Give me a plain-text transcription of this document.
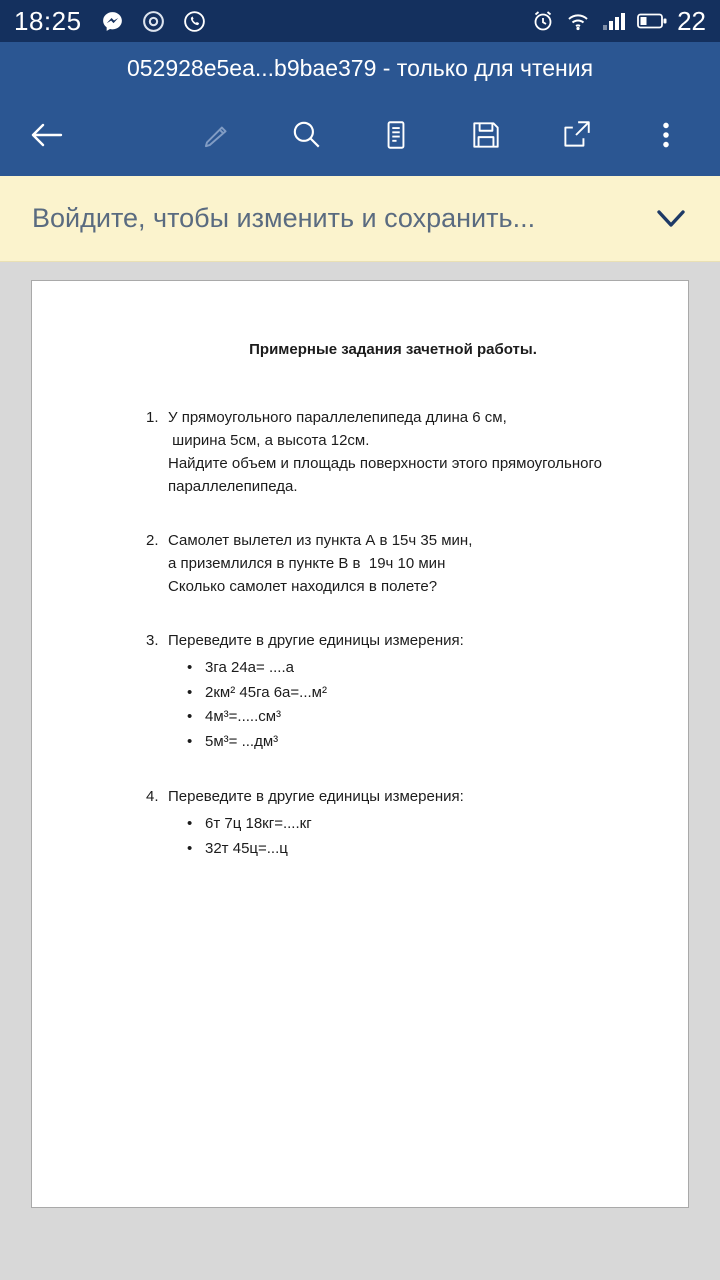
18:25	22
052928e5ea...b9bae379 - только для чтения
Войдите, чтобы изменить и сохранить...
Примерные задания зачетной работы.
1. У прямоугольного параллелепипеда длина 6 см,
ширина 5см, а высота 12см.
Найдите объем и площадь поверхности этого прямоугольного
параллелепипеда.
2. Самолет вылетел из пункта А в 15ч 35 мин,
а приземлился в пункте В в  19ч 10 мин
Сколько самолет находился в полете?
3. Переведите в другие единицы измерения:
• 3га 24а= ....а
• 2км² 45га 6а=...м²
• 4м³=.....см³
• 5м³= ...дм³
4. Переведите в другие единицы измерения:
• 6т 7ц 18кг=....кг
• 32т 45ц=...ц
